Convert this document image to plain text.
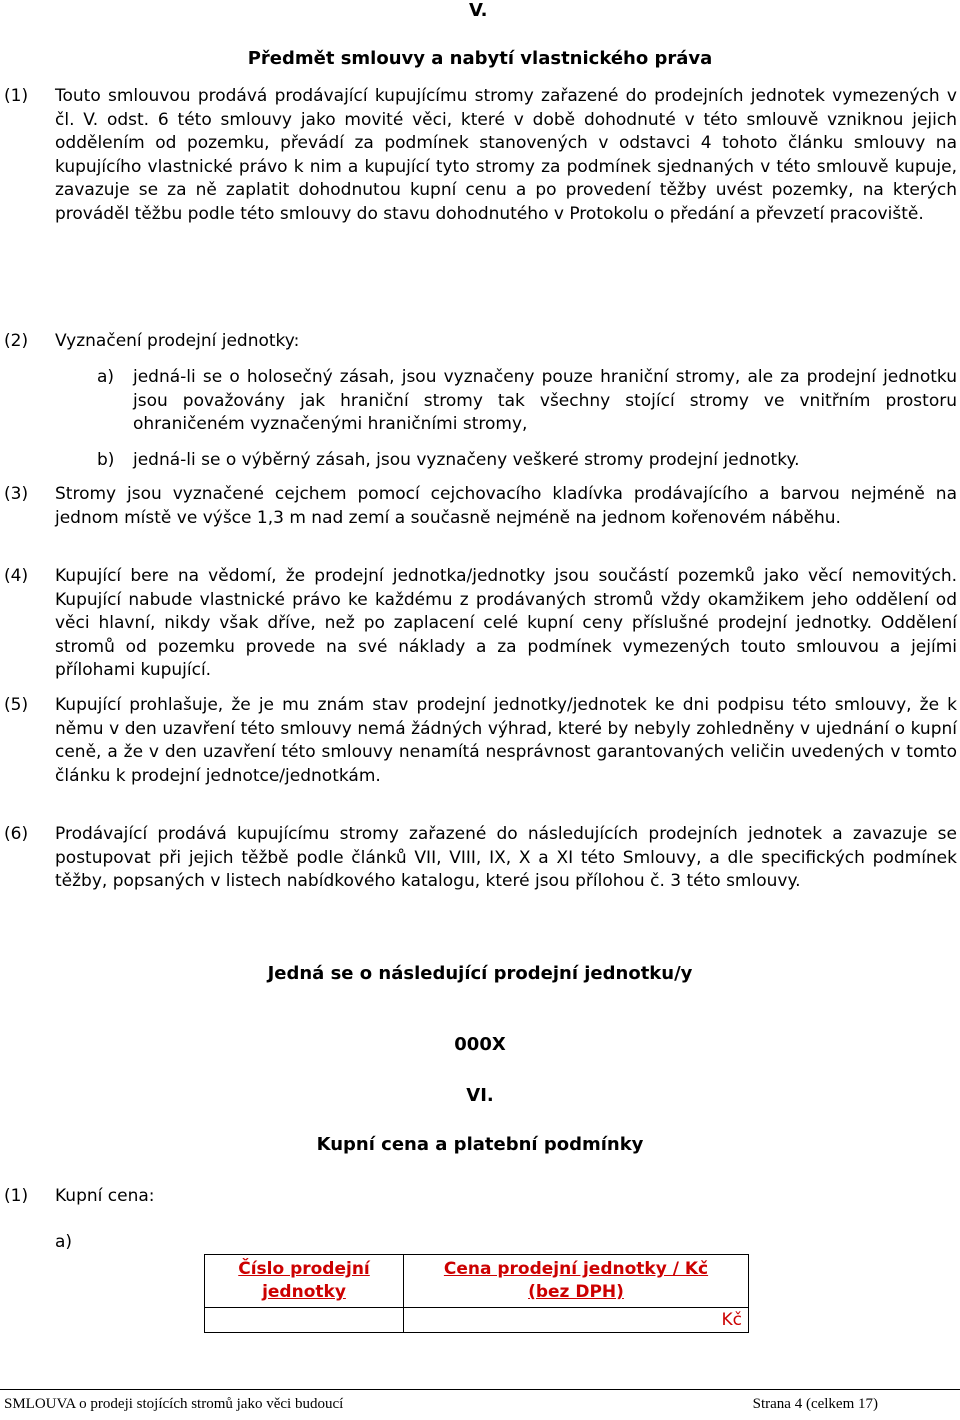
V.
Předmět smlouvy a nabytí vlastnického práva
(1) Touto smlouvou prodává prodávající kupujícímu stromy zařazené do prodejních jednotek vymezených v čl. V. odst. 6 této smlouvy jako movité věci, které v době dohodnuté v této smlouvě vzniknou jejich oddělením od pozemku, převádí za podmínek stanovených v odstavci 4 tohoto článku smlouvy na kupujícího vlastnické právo k nim a kupující tyto stromy za podmínek sjednaných v této smlouvě kupuje, zavazuje se za ně zaplatit dohodnutou kupní cenu a po provedení těžby uvést pozemky, na kterých prováděl těžbu podle této smlouvy do stavu dohodnutého v Protokolu o předání a převzetí pracoviště.
(2) Vyznačení prodejní jednotky:
a) jedná-li se o holosečný zásah, jsou vyznačeny pouze hraniční stromy, ale za prodejní jednotku jsou považovány jak hraniční stromy tak všechny stojící stromy ve vnitřním prostoru ohraničeném vyznačenými hraničními stromy,
b) jedná-li se o výběrný zásah, jsou vyznačeny veškeré stromy prodejní jednotky.
(3) Stromy jsou vyznačené cejchem pomocí cejchovacího kladívka prodávajícího a barvou nejméně na jednom místě ve výšce 1,3 m nad zemí a současně nejméně na jednom kořenovém náběhu.
(4) Kupující bere na vědomí, že prodejní jednotka/jednotky jsou součástí pozemků jako věcí nemovitých. Kupující nabude vlastnické právo ke každému z prodávaných stromů vždy okamžikem jeho oddělení od věci hlavní, nikdy však dříve, než po zaplacení celé kupní ceny příslušné prodejní jednotky. Oddělení stromů od pozemku provede na své náklady a za podmínek vymezených touto smlouvou a jejími přílohami kupující.
(5) Kupující prohlašuje, že je mu znám stav prodejní jednotky/jednotek ke dni podpisu této smlouvy, že k němu v den uzavření této smlouvy nemá žádných výhrad, které by nebyly zohledněny v ujednání o kupní ceně, a že v den uzavření této smlouvy nenamítá nesprávnost garantovaných veličin uvedených v tomto článku k prodejní jednotce/jednotkám.
(6) Prodávající prodává kupujícímu stromy zařazené do následujících prodejních jednotek a zavazuje se postupovat při jejich těžbě podle článků VII, VIII, IX, X a XI této Smlouvy, a dle specifických podmínek těžby, popsaných v listech nabídkového katalogu, které jsou přílohou č. 3 této smlouvy.
Jedná se o následující prodejní jednotku/y
000X
VI.
Kupní cena a platební podmínky
(1) Kupní cena:
a)
Číslo prodejní jednotky	Cena prodejní jednotky / Kč (bez DPH)
	Kč
SMLOUVA o prodeji stojících stromů jako věci budoucí	Strana 4 (celkem 17)
